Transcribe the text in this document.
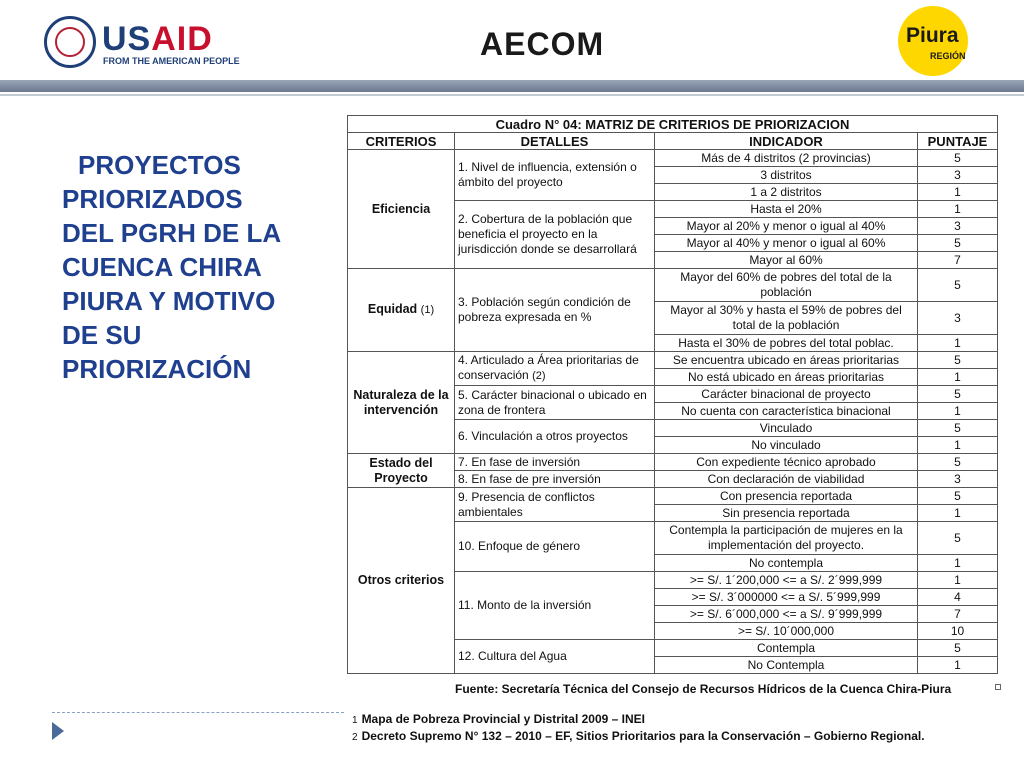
USAID
FROM THE AMERICAN PEOPLE	AECOM	Piura
REGIÓN
PROYECTOS
PRIORIZADOS
DEL PGRH DE LA
CUENCA CHIRA
PIURA Y MOTIVO
DE SU
PRIORIZACIÓN
Cuadro N° 04: MATRIZ DE CRITERIOS DE PRIORIZACION			
CRITERIOS	DETALLES	INDICADOR	PUNTAJE
Eficiencia	1. Nivel de influencia, extensión o ámbito del proyecto	Más de 4 distritos (2 provincias)	5
		3 distritos	3
		1 a 2 distritos	1
	2. Cobertura de la población que beneficia el proyecto en la jurisdicción donde se desarrollará	Hasta el 20%	1
		Mayor al 20% y menor o igual al 40%	3
		Mayor al 40% y menor o igual al 60%	5
		Mayor al 60%	7
Equidad (1)	3. Población según condición de pobreza expresada en %	Mayor del 60% de pobres del total de la población	5
		Mayor al 30% y hasta el 59% de pobres del total de la población	3
		Hasta el 30% de pobres del total poblac.	1
Naturaleza de la intervención	4. Articulado a Área prioritarias de conservación (2)	Se encuentra ubicado en áreas prioritarias	5
		No está ubicado en áreas prioritarias	1
	5. Carácter binacional o ubicado en zona de frontera	Carácter binacional de proyecto	5
		No cuenta con característica binacional	1
	6. Vinculación a otros proyectos	Vinculado	5
		No vinculado	1
Estado del Proyecto	7. En fase de inversión	Con expediente técnico aprobado	5
	8. En fase de pre inversión	Con declaración de viabilidad	3
Otros criterios	9. Presencia de conflictos ambientales	Con presencia reportada	5
		Sin presencia reportada	1
	10. Enfoque de género	Contempla la participación de mujeres en la implementación del proyecto.	5
		No contempla	1
	11. Monto de la inversión	>= S/. 1´200,000 <= a S/. 2´999,999	1
		>= S/. 3´000000 <= a S/. 5´999,999	4
		>= S/. 6´000,000 <= a S/. 9´999,999	7
		>= S/. 10´000,000	10
	12. Cultura del Agua	Contempla	5
		No Contempla	1
Fuente: Secretaría Técnica del Consejo de Recursos Hídricos de la Cuenca Chira-Piura
1 Mapa de Pobreza Provincial y Distrital 2009 – INEI
2 Decreto Supremo N° 132 – 2010 – EF, Sitios Prioritarios para la Conservación – Gobierno Regional.
